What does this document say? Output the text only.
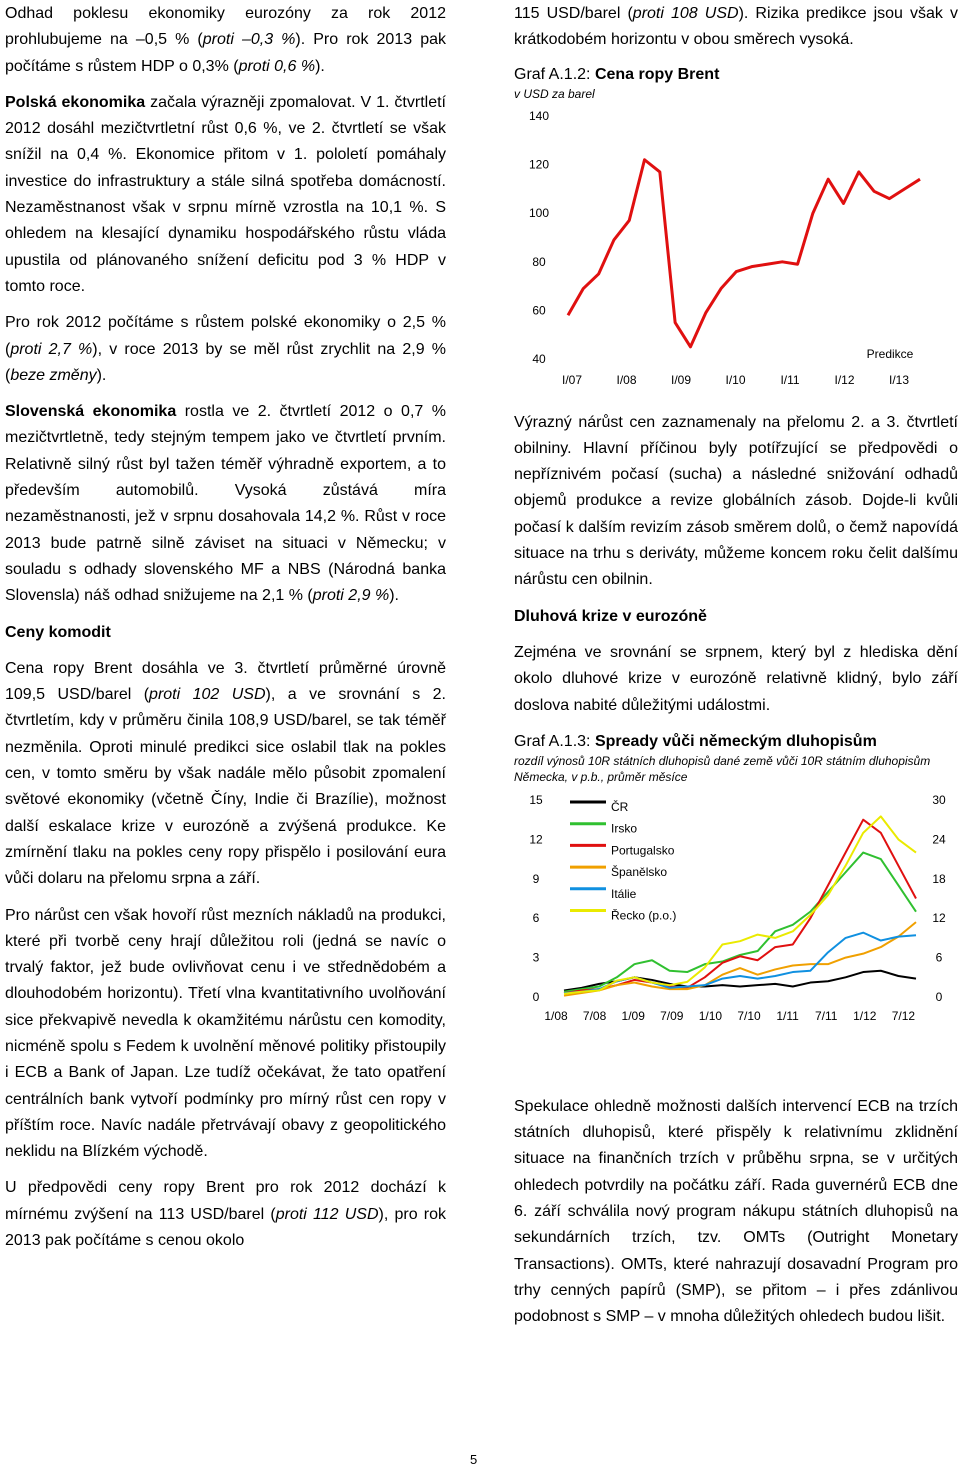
Odhad poklesu ekonomiky eurozóny za rok 2012 prohlubujeme na –0,5 % (proti –0,3 %). Pro rok 2013 pak počítáme s růstem HDP o 0,3% (proti 0,6 %).

Polská ekonomika začala výrazněji zpomalovat. V 1. čtvrtletí 2012 dosáhl mezičtvrtletní růst 0,6 %, ve 2. čtvrtletí se však snížil na 0,4 %. Ekonomice přitom v 1. pololetí pomáhaly investice do infrastruktury a stále silná spotřeba domácností. Nezaměstnanost však v srpnu mírně vzrostla na 10,1 %. S ohledem na klesající dynamiku hospodářského růstu vláda upustila od plánovaného snížení deficitu pod 3 % HDP v tomto roce.

Pro rok 2012 počítáme s růstem polské ekonomiky o 2,5 % (proti 2,7 %), v roce 2013 by se měl růst zrychlit na 2,9 % (beze změny).

Slovenská ekonomika rostla ve 2. čtvrtletí 2012 o 0,7 % mezičtvrtletně, tedy stejným tempem jako ve čtvrtletí prvním. Relativně silný růst byl tažen téměř výhradně exportem, a to především automobilů. Vysoká zůstává míra nezaměstnanosti, jež v srpnu dosahovala 14,2 %. Růst v roce 2013 bude patrně silně záviset na situaci v Německu; v souladu s odhady slovenského MF a NBS (Národná banka Slovensla) náš odhad snižujeme na 2,1 % (proti 2,9 %).

Ceny komodit

Cena ropy Brent dosáhla ve 3. čtvrtletí průměrné úrovně 109,5 USD/barel (proti 102 USD), a ve srovnání s 2. čtvrtletím, kdy v průměru činila 108,9 USD/barel, se tak téměř nezměnila. Oproti minulé predikci sice oslabil tlak na pokles cen, v tomto směru by však nadále mělo působit zpomalení světové ekonomiky (včetně Číny, Indie či Brazílie), možnost další eskalace krize v eurozóně a zvýšená produkce. Ke zmírnění tlaku na pokles ceny ropy přispělo i posilování eura vůči dolaru na přelomu srpna a září.

Pro nárůst cen však hovoří růst mezních nákladů na produkci, které při tvorbě ceny hrají důležitou roli (jedná se navíc o trvalý faktor, jež bude ovlivňovat cenu i ve střednědobém a dlouhodobém horizontu). Třetí vlna kvantitativního uvolňování sice překvapivě nevedla k okamžitému nárůstu cen komodity, nicméně spolu s Fedem k uvolnění měnové politiky přistoupily i ECB a Bank of Japan. Lze tudíž očekávat, že tato opatření centrálních bank vytvoří podmínky pro mírný růst cen ropy v příštím roce. Navíc nadále přetrvávají obavy z geopolitického neklidu na Blízkém východě.

U předpovědi ceny ropy Brent pro rok 2012 dochází k mírnému zvýšení na 113 USD/barel (proti 112 USD), pro rok 2013 pak počítáme s cenou okolo

115 USD/barel (proti 108 USD). Rizika predikce jsou však v krátkodobém horizontu v obou směrech vysoká.

Graf A.1.2: Cena ropy Brent
v USD za barel
140
120
100
80
60
40
I/07	I/08	I/09	I/10	I/11	I/12	I/13
Predikce

Výrazný nárůst cen zaznamenaly na přelomu 2. a 3. čtvrtletí obilniny. Hlavní příčinou byly potířzující se předpovědi o nepříznivém počasí (sucha) a následné snižování odhadů objemů produkce a revize globálních zásob. Dojde-li kvůli počasí k dalším revizím zásob směrem dolů, o čemž napovídá situace na trhu s deriváty, můžeme koncem roku čelit dalšímu nárůstu cen obilnin.

Dluhová krize v eurozóně

Zejména ve srovnání se srpnem, který byl z hlediska dění okolo dluhové krize v eurozóně relativně klidný, bylo září doslova nabité důležitými událostmi.

Graf A.1.3: Spready vůči německým dluhopisům
rozdíl výnosů 10R státních dluhopisů dané země vůči 10R státním dluhopisům Německa, v p.b., průměr měsíce
15
12
9
6
3
0
30
24
18
12
6
0
1/08 7/08 1/09 7/09 1/10 7/10 1/11 7/11 1/12 7/12
ČR
Irsko
Portugalsko
Španělsko
Itálie
Řecko (p.o.)

Spekulace ohledně možnosti dalších intervencí ECB na trzích státních dluhopisů, které přispěly k relativnímu zklidnění situace na finančních trzích v průběhu srpna, se v určitých ohledech potvrdily na počátku září. Rada guvernérů ECB dne 6. září schválila nový program nákupu státních dluhopisů na sekundárních trzích, tzv. OMTs (Outright Monetary Transactions). OMTs, které nahrazují dosavadní Program pro trhy cenných papírů (SMP), se přitom – i přes zdánlivou podobnost s SMP – v mnoha důležitých ohledech budou lišit.

5
